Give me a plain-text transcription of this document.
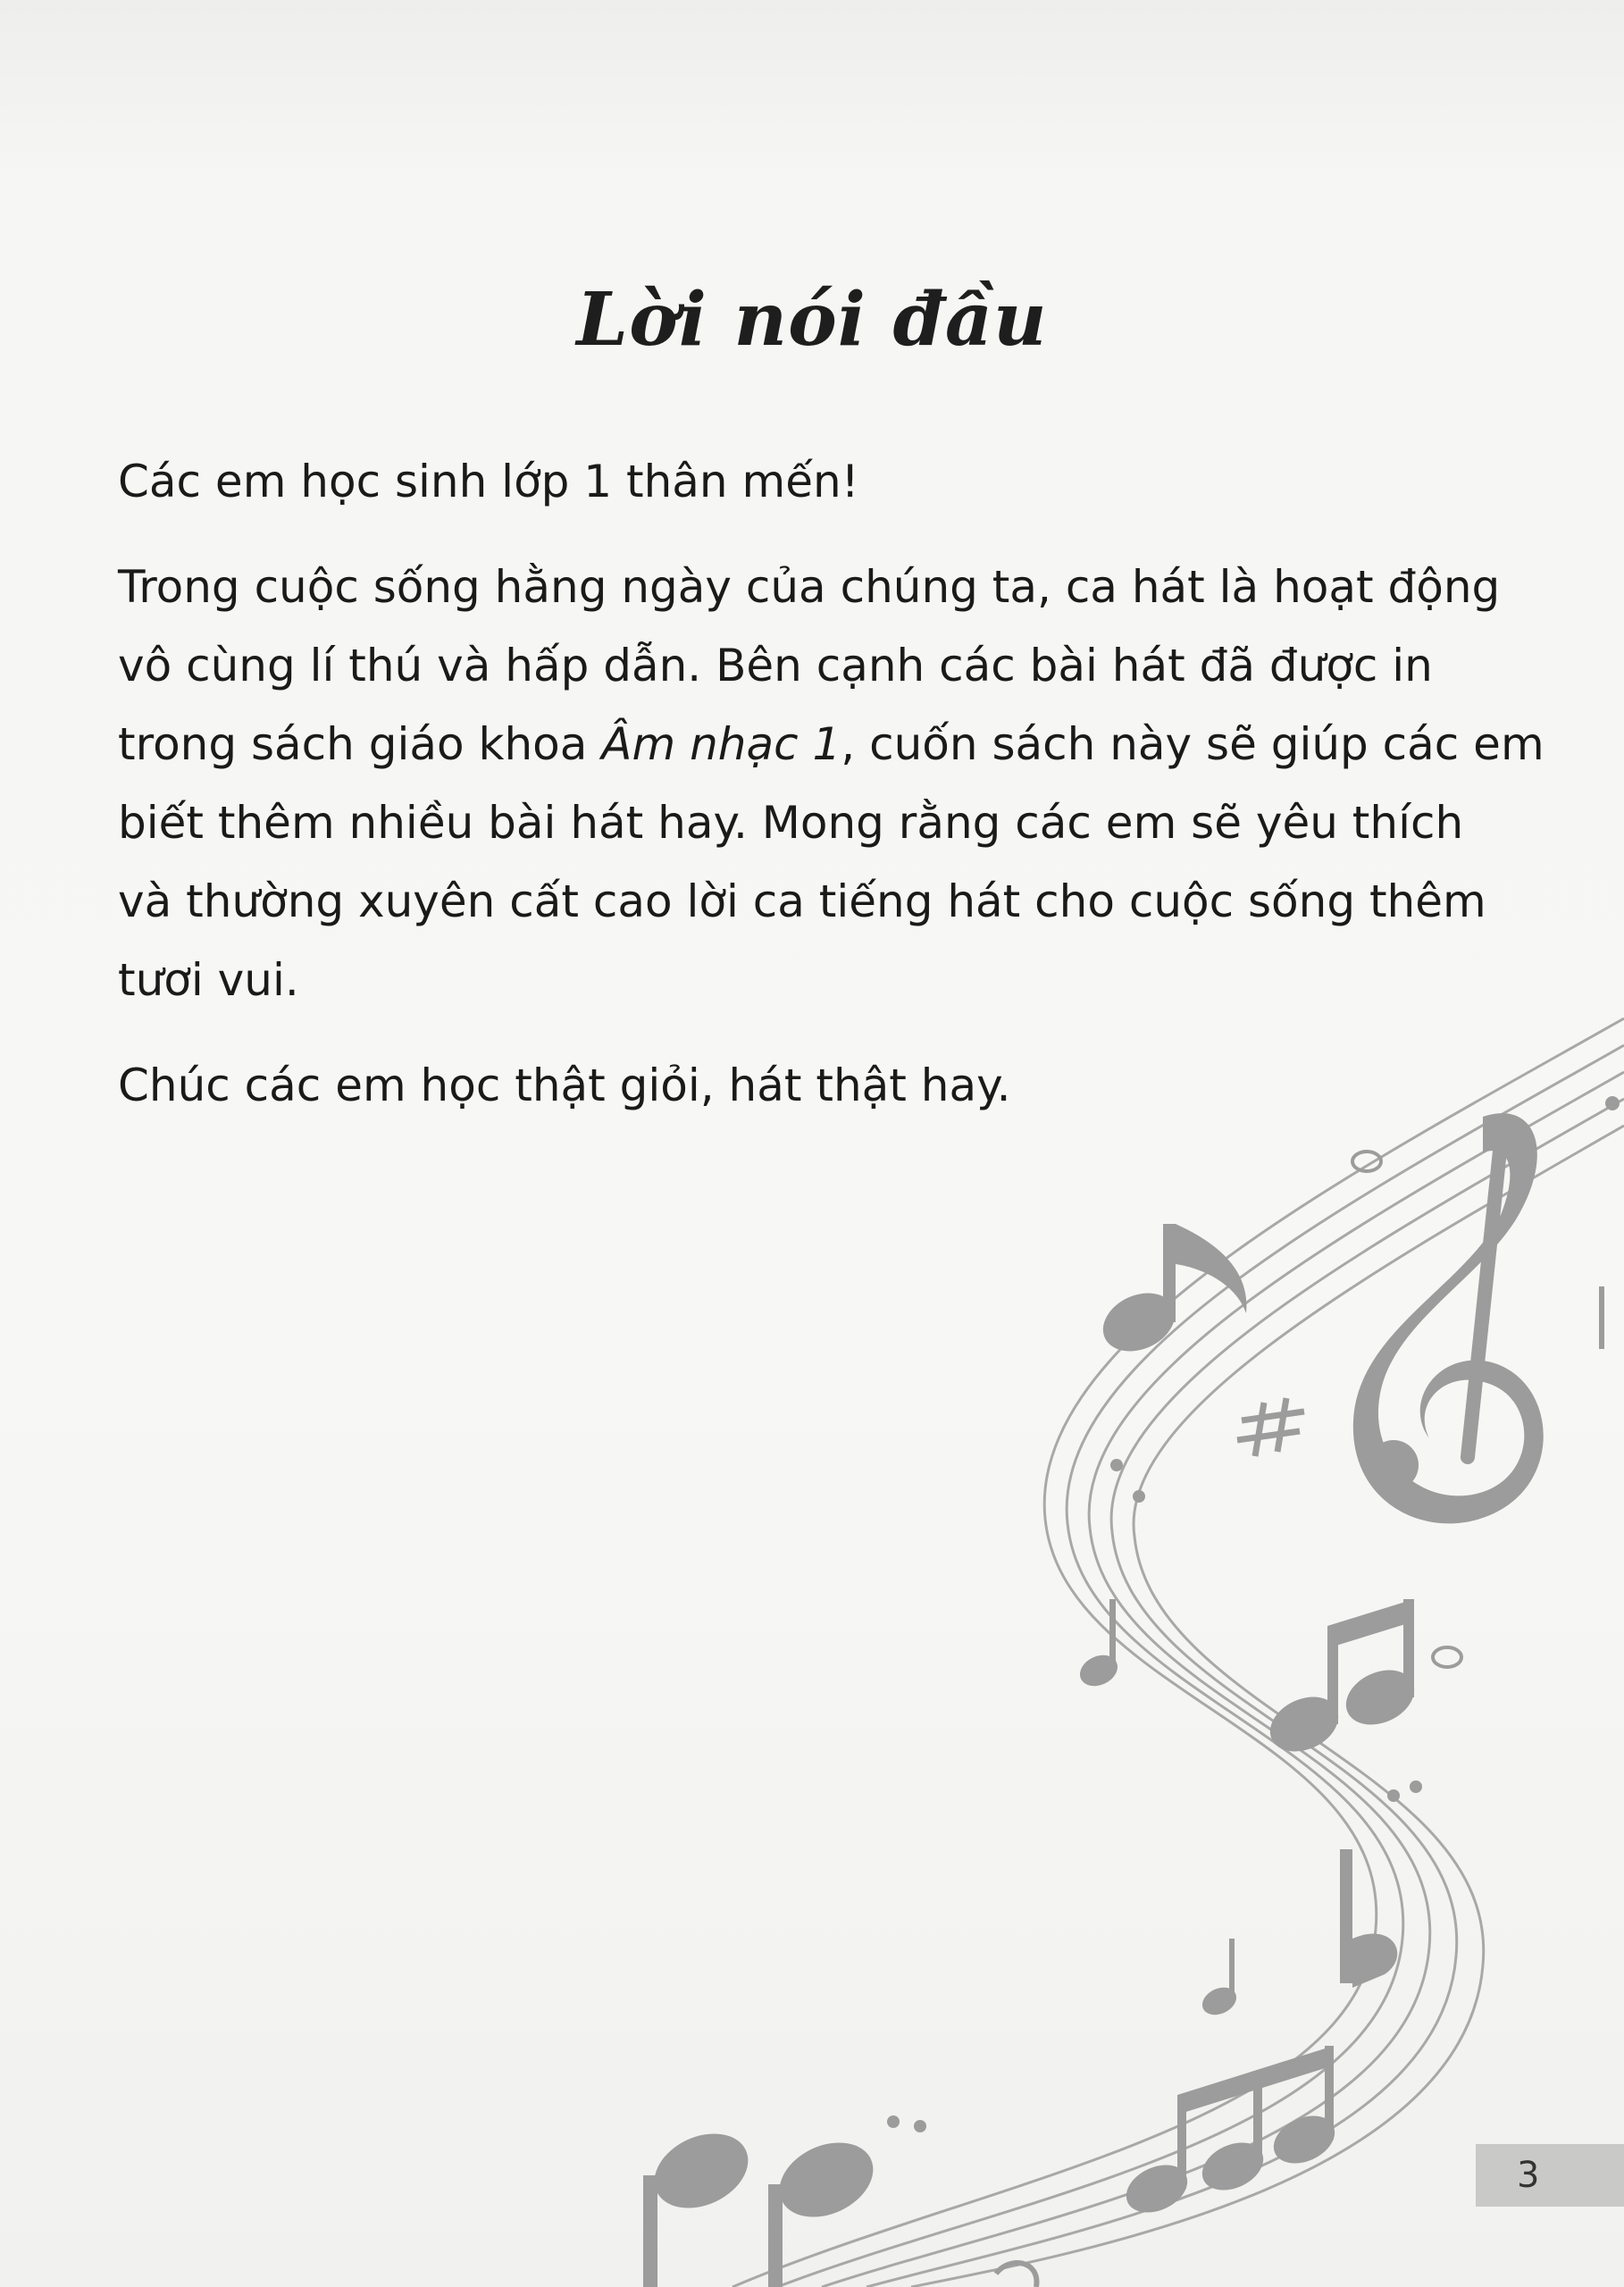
Lời nói đầu

Các em học sinh lớp 1 thân mến!

Trong cuộc sống hằng ngày của chúng ta, ca hát là hoạt động
vô cùng lí thú và hấp dẫn. Bên cạnh các bài hát đã được in
trong sách giáo khoa Âm nhạc 1, cuốn sách này sẽ giúp các em
biết thêm nhiều bài hát hay. Mong rằng các em sẽ yêu thích
và thường xuyên cất cao lời ca tiếng hát cho cuộc sống thêm
tươi vui.

Chúc các em học thật giỏi, hát thật hay.

3
